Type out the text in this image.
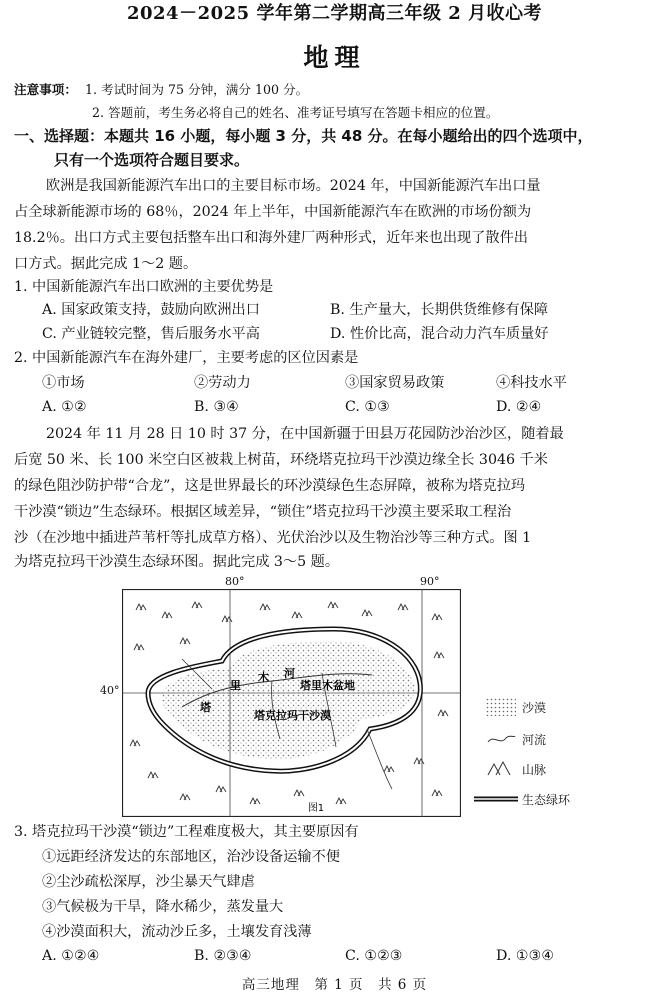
2024－2025 学年第二学期高三年级 2 月收心考
地理
注意事项： 1. 考试时间为 75 分钟，满分 100 分。
2. 答题前，考生务必将自己的姓名、准考证号填写在答题卡相应的位置。
一、选择题：本题共 16 小题，每小题 3 分，共 48 分。在每小题给出的四个选项中，
只有一个选项符合题目要求。
欧洲是我国新能源汽车出口的主要目标市场。2024 年，中国新能源汽车出口量
占全球新能源市场的 68％，2024 年上半年，中国新能源汽车在欧洲的市场份额为
18.2％。出口方式主要包括整车出口和海外建厂两种形式，近年来也出现了散件出
口方式。据此完成 1～2 题。
1. 中国新能源汽车出口欧洲的主要优势是
A. 国家政策支持，鼓励向欧洲出口	B. 生产量大，长期供货维修有保障
C. 产业链较完整，售后服务水平高	D. 性价比高，混合动力汽车质量好
2. 中国新能源汽车在海外建厂，主要考虑的区位因素是
①市场	②劳动力	③国家贸易政策	④科技水平
A. ①②	B. ③④	C. ①③	D. ②④
2024 年 11 月 28 日 10 时 37 分，在中国新疆于田县万花园防沙治沙区，随着最
后宽 50 米、长 100 米空白区被栽上树苗，环绕塔克拉玛干沙漠边缘全长 3046 千米
的绿色阻沙防护带“合龙”，这是世界最长的环沙漠绿色生态屏障，被称为塔克拉玛
干沙漠“锁边”生态绿环。根据区域差异，“锁住”塔克拉玛干沙漠主要采取工程治
沙（在沙地中插进芦苇杆等扎成草方格）、光伏治沙以及生物治沙等三种方式。图 1
为塔克拉玛干沙漠生态绿环图。据此完成 3～5 题。
80°	90°
40°
塔
里
木 河
塔里木盆地
塔克拉玛干沙漠
图1
沙漠
河流
山脉
生态绿环
3. 塔克拉玛干沙漠“锁边”工程难度极大，其主要原因有
①远距经济发达的东部地区，治沙设备运输不便
②尘沙疏松深厚，沙尘暴天气肆虐
③气候极为干旱，降水稀少，蒸发量大
④沙漠面积大，流动沙丘多，土壤发育浅薄
A. ①②④	B. ②③④	C. ①②③	D. ①③④
高三地理　第 1 页　共 6 页
